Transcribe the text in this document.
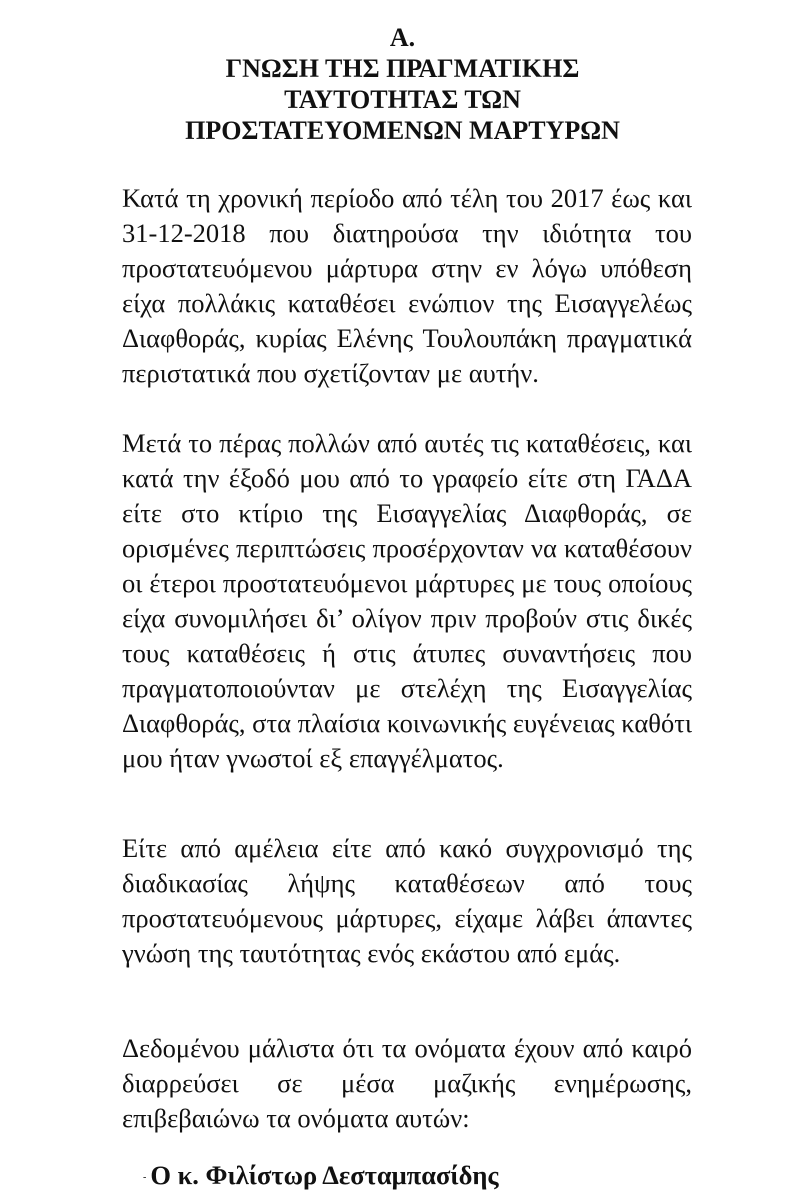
A.
ΓΝΩΣΗ ΤΗΣ ΠΡΑΓΜΑΤΙΚΗΣ
ΤΑΥΤΟΤΗΤΑΣ ΤΩΝ
ΠΡΟΣΤΑΤΕΥΟΜΕΝΩΝ ΜΑΡΤΥΡΩΝ

Κατά τη χρονική περίοδο από τέλη του 2017 έως και 31-12-2018 που διατηρούσα την ιδιότητα του προστατευόμενου μάρτυρα στην εν λόγω υπόθεση είχα πολλάκις καταθέσει ενώπιον της Εισαγγελέως Διαφθοράς, κυρίας Ελένης Τουλουπάκη πραγματικά περιστατικά που σχετίζονταν με αυτήν.

Μετά το πέρας πολλών από αυτές τις καταθέσεις, και κατά την έξοδό μου από το γραφείο είτε στη ΓΑΔΑ είτε στο κτίριο της Εισαγγελίας Διαφθοράς, σε ορισμένες περιπτώσεις προσέρχονταν να καταθέσουν οι έτεροι προστατευόμενοι μάρτυρες με τους οποίους είχα συνομιλήσει δι’ ολίγον πριν προβούν στις δικές τους καταθέσεις ή στις άτυπες συναντήσεις που πραγματοποιούνταν με στελέχη της Εισαγγελίας Διαφθοράς, στα πλαίσια κοινωνικής ευγένειας καθότι μου ήταν γνωστοί εξ επαγγέλματος.

Είτε από αμέλεια είτε από κακό συγχρονισμό της διαδικασίας λήψης καταθέσεων από τους προστατευόμενους μάρτυρες, είχαμε λάβει άπαντες γνώση της ταυτότητας ενός εκάστου από εμάς.

Δεδομένου μάλιστα ότι τα ονόματα έχουν από καιρό διαρρεύσει σε μέσα μαζικής ενημέρωσης, επιβεβαιώνω τα ονόματα αυτών:

- Ο κ. Φιλίστωρ Δεσταμπασίδης
